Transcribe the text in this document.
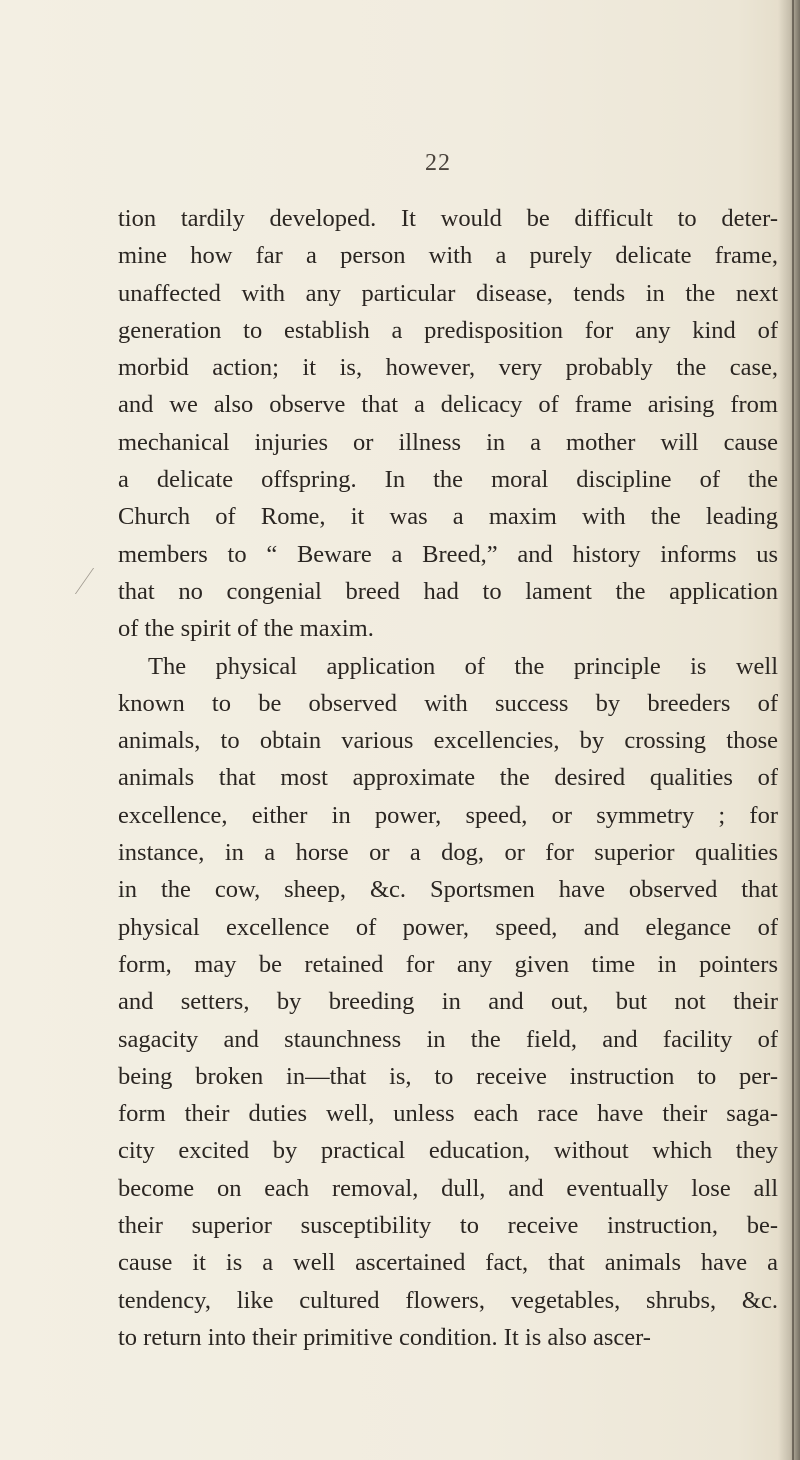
22
tion tardily developed. It would be difficult to deter-
mine how far a person with a purely delicate frame,
unaffected with any particular disease, tends in the next
generation to establish a predisposition for any kind of
morbid action; it is, however, very probably the case,
and we also observe that a delicacy of frame arising from
mechanical injuries or illness in a mother will cause
a delicate offspring. In the moral discipline of the
Church of Rome, it was a maxim with the leading
members to “ Beware a Breed,” and history informs us
that no congenial breed had to lament the application
of the spirit of the maxim.
The physical application of the principle is well
known to be observed with success by breeders of
animals, to obtain various excellencies, by crossing those
animals that most approximate the desired qualities of
excellence, either in power, speed, or symmetry ; for
instance, in a horse or a dog, or for superior qualities
in the cow, sheep, &c. Sportsmen have observed that
physical excellence of power, speed, and elegance of
form, may be retained for any given time in pointers
and setters, by breeding in and out, but not their
sagacity and staunchness in the field, and facility of
being broken in—that is, to receive instruction to per-
form their duties well, unless each race have their saga-
city excited by practical education, without which they
become on each removal, dull, and eventually lose all
their superior susceptibility to receive instruction, be-
cause it is a well ascertained fact, that animals have a
tendency, like cultured flowers, vegetables, shrubs, &c.
to return into their primitive condition. It is also ascer-
